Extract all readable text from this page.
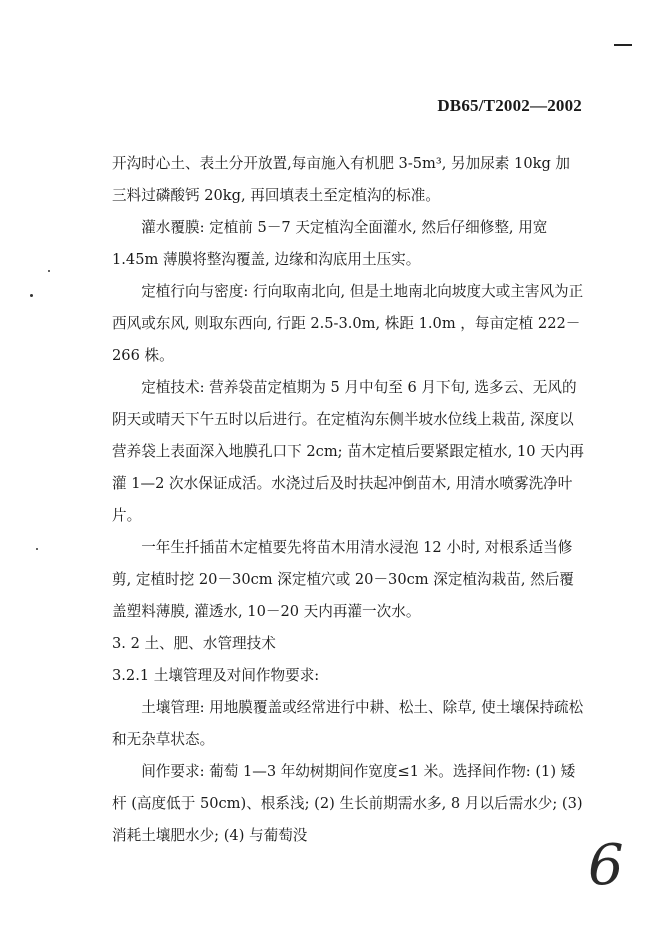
DB65/T2002—2002

开沟时心土、表土分开放置,每亩施入有机肥 3-5m³, 另加尿素 10kg 加三料过磷酸钙 20kg, 再回填表土至定植沟的标准。

灌水覆膜: 定植前 5－7 天定植沟全面灌水, 然后仔细修整, 用宽 1.45m 薄膜将整沟覆盖, 边缘和沟底用土压实。

定植行向与密度: 行向取南北向, 但是土地南北向坡度大或主害风为正西风或东风, 则取东西向, 行距 2.5-3.0m, 株距 1.0m ，每亩定植 222－266 株。

定植技术: 营养袋苗定植期为 5 月中旬至 6 月下旬, 选多云、无风的阴天或晴天下午五时以后进行。在定植沟东侧半坡水位线上栽苗, 深度以营养袋上表面深入地膜孔口下 2cm; 苗木定植后要紧跟定植水, 10 天内再灌 1—2 次水保证成活。水浇过后及时扶起冲倒苗木, 用清水喷雾洗净叶片。

一年生扦插苗木定植要先将苗木用清水浸泡 12 小时, 对根系适当修剪, 定植时挖 20－30cm 深定植穴或 20－30cm 深定植沟栽苗, 然后覆盖塑料薄膜, 灌透水, 10－20 天内再灌一次水。

3. 2 土、肥、水管理技术

3.2.1 土壤管理及对间作物要求:

土壤管理: 用地膜覆盖或经常进行中耕、松土、除草, 使土壤保持疏松和无杂草状态。

间作要求: 葡萄 1—3 年幼树期间作宽度≤1 米。选择间作物: (1) 矮杆 (高度低于 50cm)、根系浅; (2) 生长前期需水多, 8 月以后需水少; (3) 消耗土壤肥水少; (4) 与葡萄没	6
